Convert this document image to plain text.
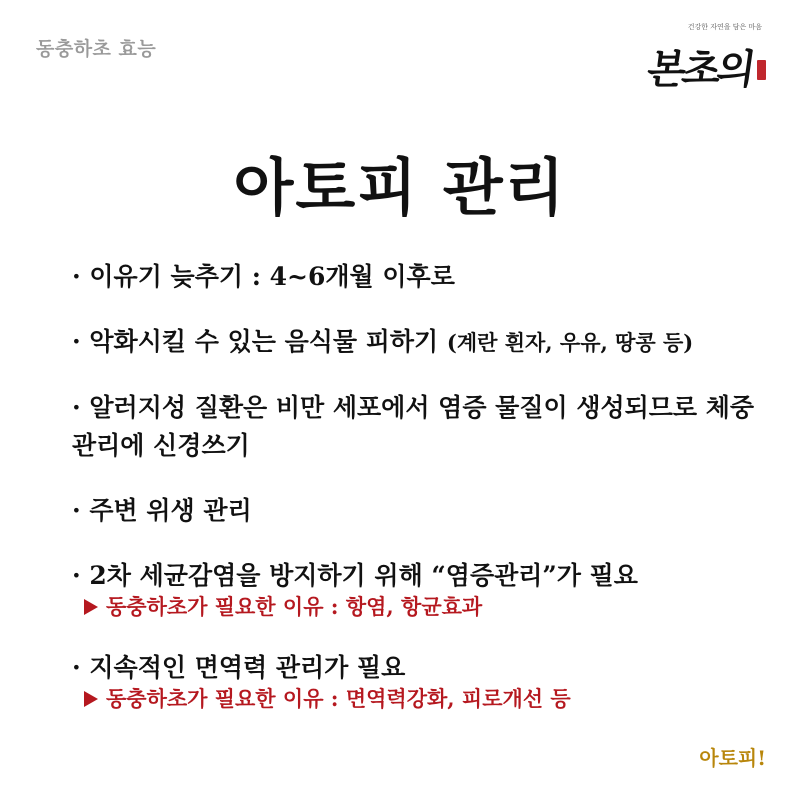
동충하초 효능
건강한 자연을 담은 마음
본초의
아토피 관리
· 이유기 늦추기 : 4~6개월 이후로
· 악화시킬 수 있는 음식물 피하기 (계란 흰자, 우유, 땅콩 등)
· 알러지성 질환은 비만 세포에서 염증 물질이 생성되므로 체중 관리에 신경쓰기
· 주변 위생 관리
· 2차 세균감염을 방지하기 위해 “염증관리”가 필요
동충하초가 필요한 이유 : 항염, 항균효과
· 지속적인 면역력 관리가 필요
동충하초가 필요한 이유 : 면역력강화, 피로개선 등
아토피!
